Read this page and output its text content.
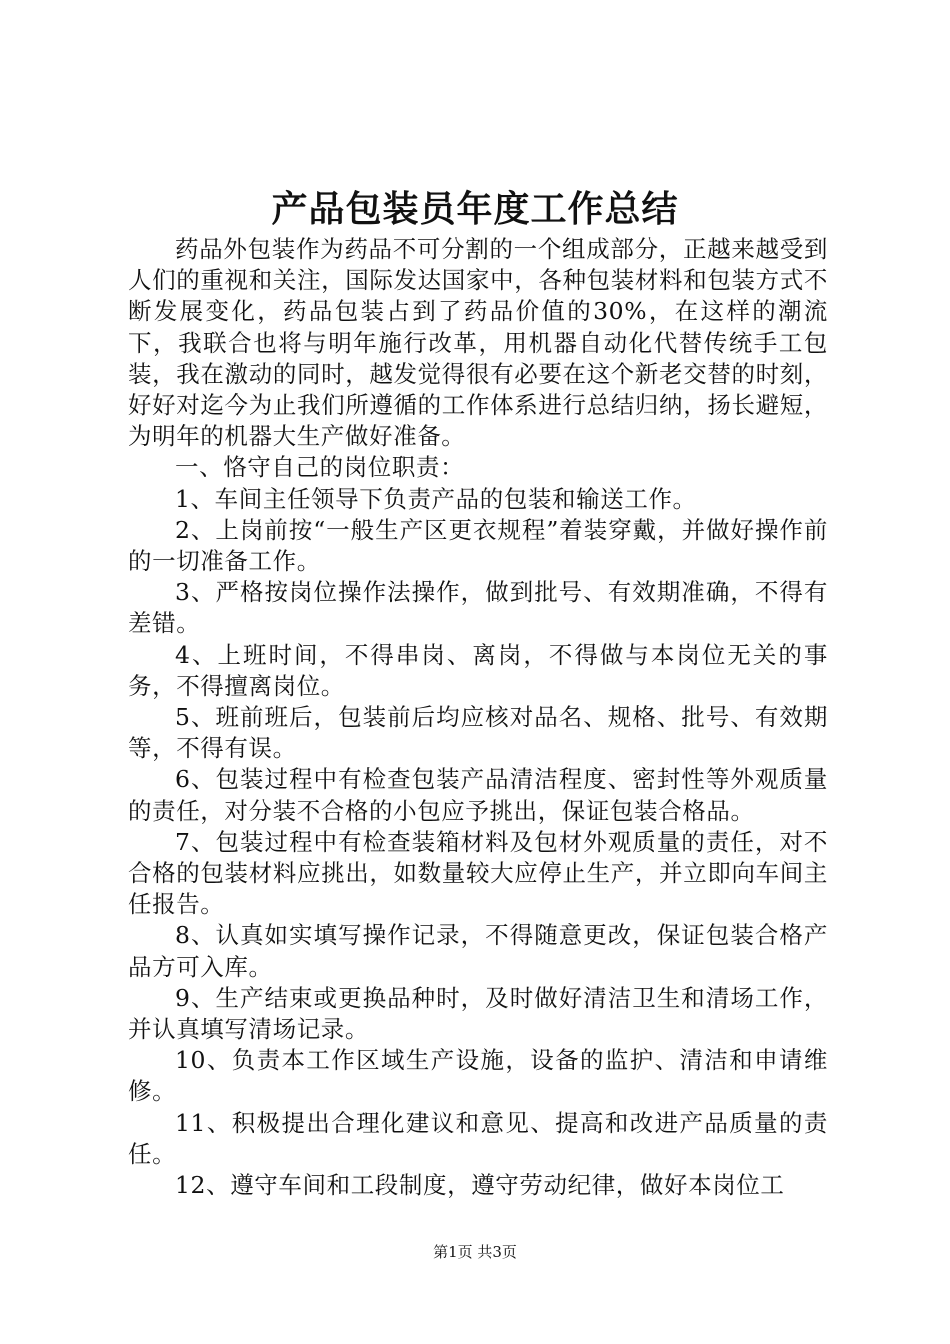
产品包装员年度工作总结

药品外包装作为药品不可分割的一个组成部分，正越来越受到人们的重视和关注，国际发达国家中，各种包装材料和包装方式不断发展变化，药品包装占到了药品价值的30%，在这样的潮流下，我联合也将与明年施行改革，用机器自动化代替传统手工包装，我在激动的同时，越发觉得很有必要在这个新老交替的时刻，好好对迄今为止我们所遵循的工作体系进行总结归纳，扬长避短，为明年的机器大生产做好准备。

一、恪守自己的岗位职责：

1、车间主任领导下负责产品的包装和输送工作。

2、上岗前按“一般生产区更衣规程”着装穿戴，并做好操作前的一切准备工作。

3、严格按岗位操作法操作，做到批号、有效期准确，不得有差错。

4、上班时间，不得串岗、离岗，不得做与本岗位无关的事务，不得擅离岗位。

5、班前班后，包装前后均应核对品名、规格、批号、有效期等，不得有误。

6、包装过程中有检查包装产品清洁程度、密封性等外观质量的责任，对分装不合格的小包应予挑出，保证包装合格品。

7、包装过程中有检查装箱材料及包材外观质量的责任，对不合格的包装材料应挑出，如数量较大应停止生产，并立即向车间主任报告。

8、认真如实填写操作记录，不得随意更改，保证包装合格产品方可入库。

9、生产结束或更换品种时，及时做好清洁卫生和清场工作，并认真填写清场记录。

10、负责本工作区域生产设施，设备的监护、清洁和申请维修。

11、积极提出合理化建议和意见、提高和改进产品质量的责任。

12、遵守车间和工段制度，遵守劳动纪律，做好本岗位工

第1页 共3页
